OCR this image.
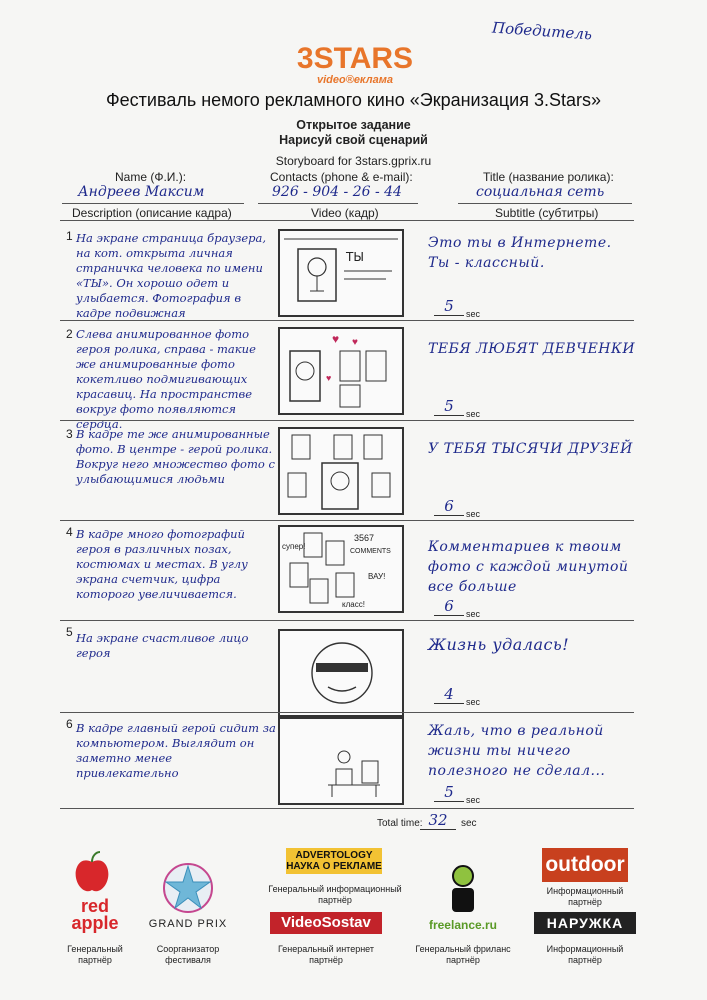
Победитель
3STARS
video®еклама
Фестиваль немого рекламного кино «Экранизация 3.Stars»
Открытое задание
Нарисуй свой сценарий
Storyboard for 3stars.gprix.ru
Name (Ф.И.):	Contacts (phone & e-mail):	Title (название ролика):
Андреев Максим	926 - 904 - 26 - 44	социальная сеть
Description (описание кадра)	Video (кадр)	Subtitle (субтитры)
1 На экране страница браузера, на кот. открыта личная страничка человека по имени «ТЫ». Он хорошо одет и улыбается. Фотография в кадре подвижная
ТЫ
Это ты в Интернете. Ты - классный.
5	sec
2 Слева анимированное фото героя ролика, справа - такие же анимированные фото кокетливо подмигивающих красавиц. На пространстве вокруг фото появляются сердца.
♥ ♥
♥
ТЕБЯ ЛЮБЯТ ДЕВЧЕНКИ
5	sec
3 В кадре те же анимированные фото. В центре - герой ролика. Вокруг него множество фото с улыбающимися людьми
У ТЕБЯ ТЫСЯЧИ ДРУЗЕЙ
6	sec
4 В кадре много фотографий героя в различных позах, костюмах и местах. В углу экрана счетчик, цифра которого увеличивается.
супер!
3567
COMMENTS
ВАУ!
класс!
Комментариев к твоим фото с каждой минутой все больше
6	sec
5 На экране счастливое лицо героя	Жизнь удалась!
4	sec
6 В кадре главный герой сидит за компьютером. Выглядит он заметно менее привлекательно
Жаль, что в реальной жизни ты ничего полезного не сделал...
5	sec
Total time: 32	sec
red apple
Генеральный партнёр
GRAND PRIX
Соорганизатор фестиваля
ADVERTOLOGY НАУКА О РЕКЛАМЕ
Генеральный информационный партнёр
VideoSostav
Генеральный интернет партнёр
freelance.ru
Генеральный фриланс партнёр
outdoor
Информационный партнёр
НАРУЖКА
Информационный партнёр
